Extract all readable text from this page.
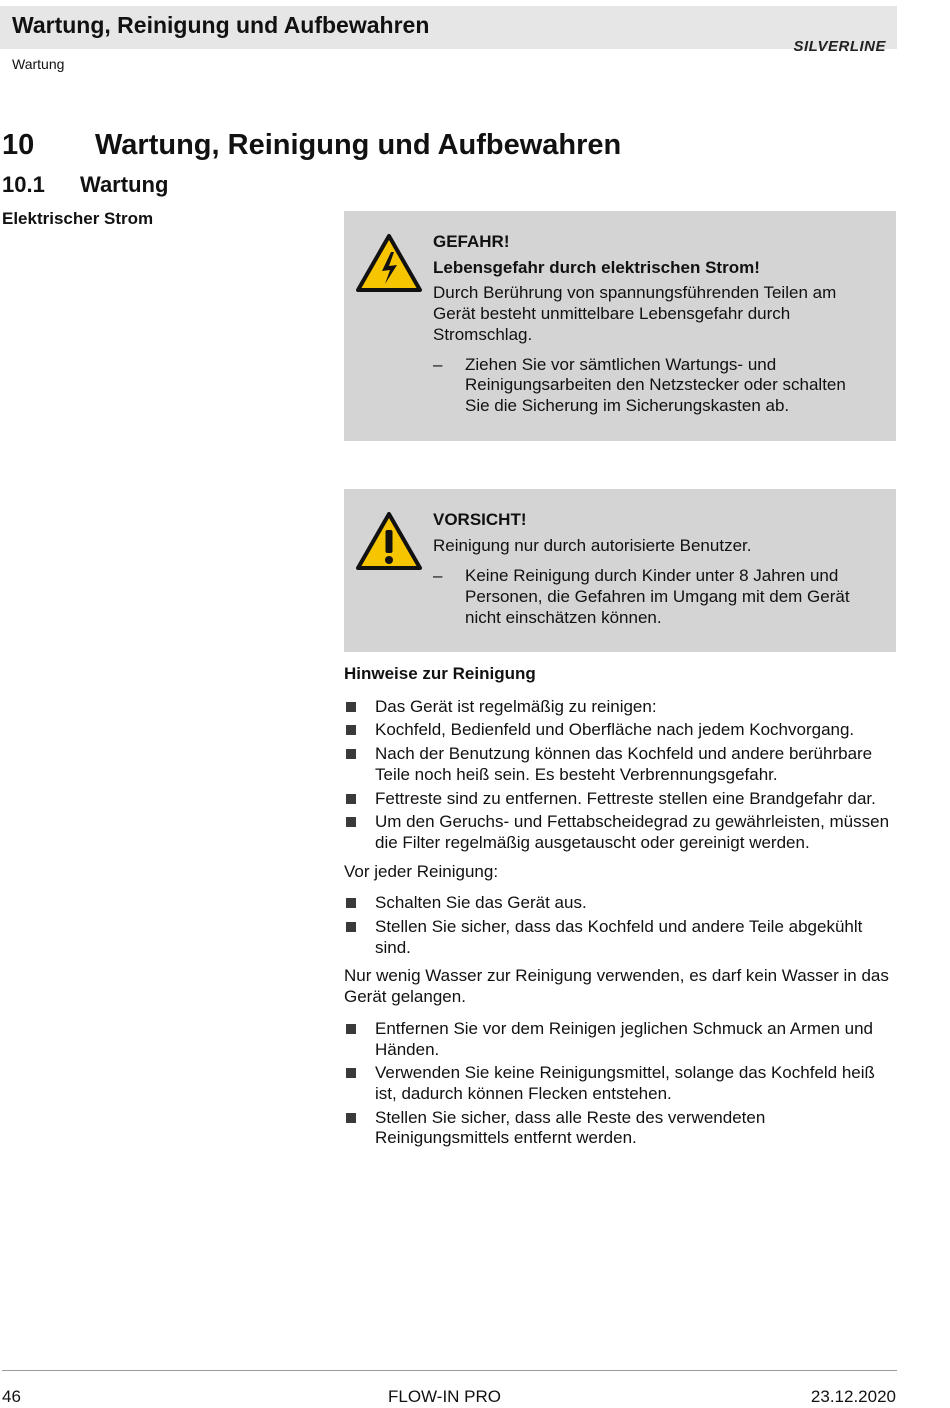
Wartung, Reinigung und Aufbewahren
Wartung
SILVERLINE
10 Wartung, Reinigung und Aufbewahren
10.1 Wartung
Elektrischer Strom
GEFAHR!
Lebensgefahr durch elektrischen Strom!
Durch Berührung von spannungsführenden Teilen am Gerät besteht unmittelbare Lebensgefahr durch Stromschlag.
– Ziehen Sie vor sämtlichen Wartungs- und Reinigungsarbeiten den Netzstecker oder schalten Sie die Sicherung im Sicherungskasten ab.
VORSICHT!
Reinigung nur durch autorisierte Benutzer.
– Keine Reinigung durch Kinder unter 8 Jahren und Personen, die Gefahren im Umgang mit dem Gerät nicht einschätzen können.
Hinweise zur Reinigung
Das Gerät ist regelmäßig zu reinigen:
Kochfeld, Bedienfeld und Oberfläche nach jedem Kochvorgang.
Nach der Benutzung können das Kochfeld und andere berührbare Teile noch heiß sein. Es besteht Verbrennungsgefahr.
Fettreste sind zu entfernen. Fettreste stellen eine Brandgefahr dar.
Um den Geruchs- und Fettabscheidegrad zu gewährleisten, müssen die Filter regelmäßig ausgetauscht oder gereinigt werden.
Vor jeder Reinigung:
Schalten Sie das Gerät aus.
Stellen Sie sicher, dass das Kochfeld und andere Teile abgekühlt sind.
Nur wenig Wasser zur Reinigung verwenden, es darf kein Wasser in das Gerät gelangen.
Entfernen Sie vor dem Reinigen jeglichen Schmuck an Armen und Händen.
Verwenden Sie keine Reinigungsmittel, solange das Kochfeld heiß ist, dadurch können Flecken entstehen.
Stellen Sie sicher, dass alle Reste des verwendeten Reinigungsmittels entfernt werden.
46	FLOW-IN PRO	23.12.2020
